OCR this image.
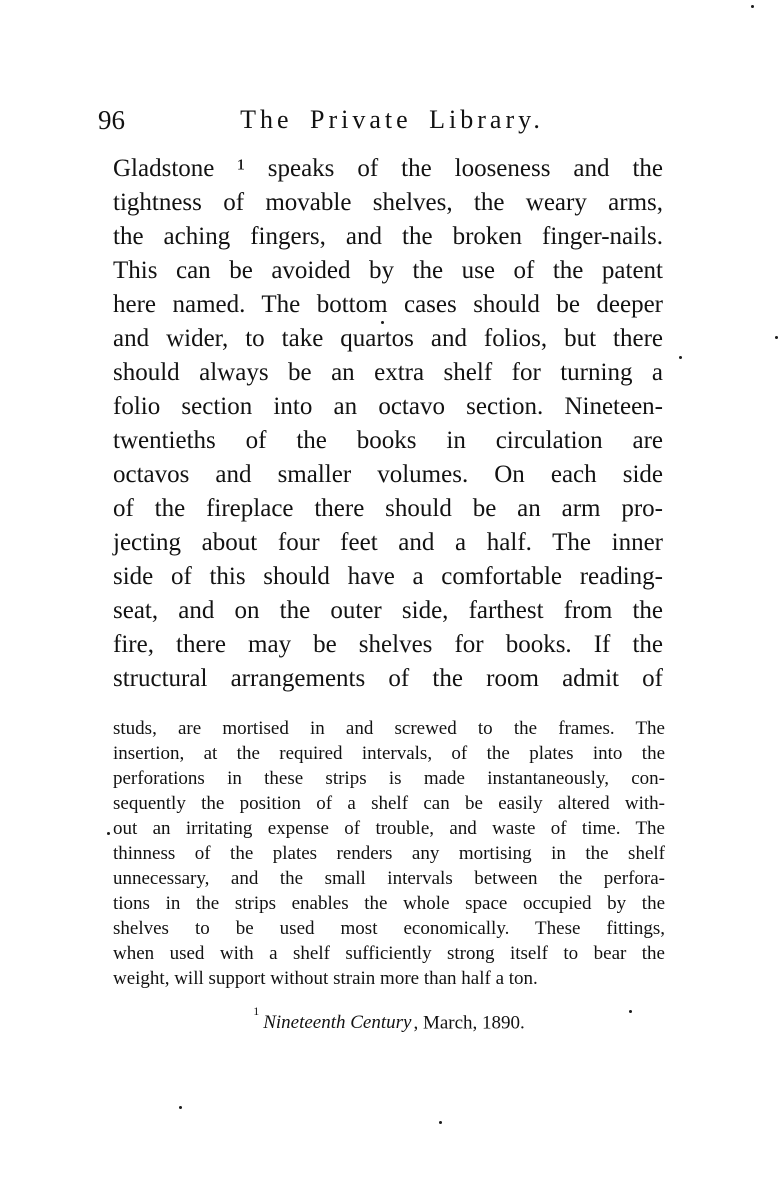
96	The Private Library.
Gladstone ¹ speaks of the looseness and the
tightness of movable shelves, the weary arms,
the aching fingers, and the broken finger-nails.
This can be avoided by the use of the patent
here named. The bottom cases should be deeper
and wider, to take quartos and folios, but there
should always be an extra shelf for turning a
folio section into an octavo section. Nineteen-
twentieths of the books in circulation are
octavos and smaller volumes. On each side
of the fireplace there should be an arm pro-
jecting about four feet and a half. The inner
side of this should have a comfortable reading-
seat, and on the outer side, farthest from the
fire, there may be shelves for books. If the
structural arrangements of the room admit of
studs, are mortised in and screwed to the frames. The
insertion, at the required intervals, of the plates into the
perforations in these strips is made instantaneously, con-
sequently the position of a shelf can be easily altered with-
out an irritating expense of trouble, and waste of time. The
thinness of the plates renders any mortising in the shelf
unnecessary, and the small intervals between the perfora-
tions in the strips enables the whole space occupied by the
shelves to be used most economically. These fittings,
when used with a shelf sufficiently strong itself to bear the
weight, will support without strain more than half a ton.
$^1$Nineteenth Century , March, 1890.
